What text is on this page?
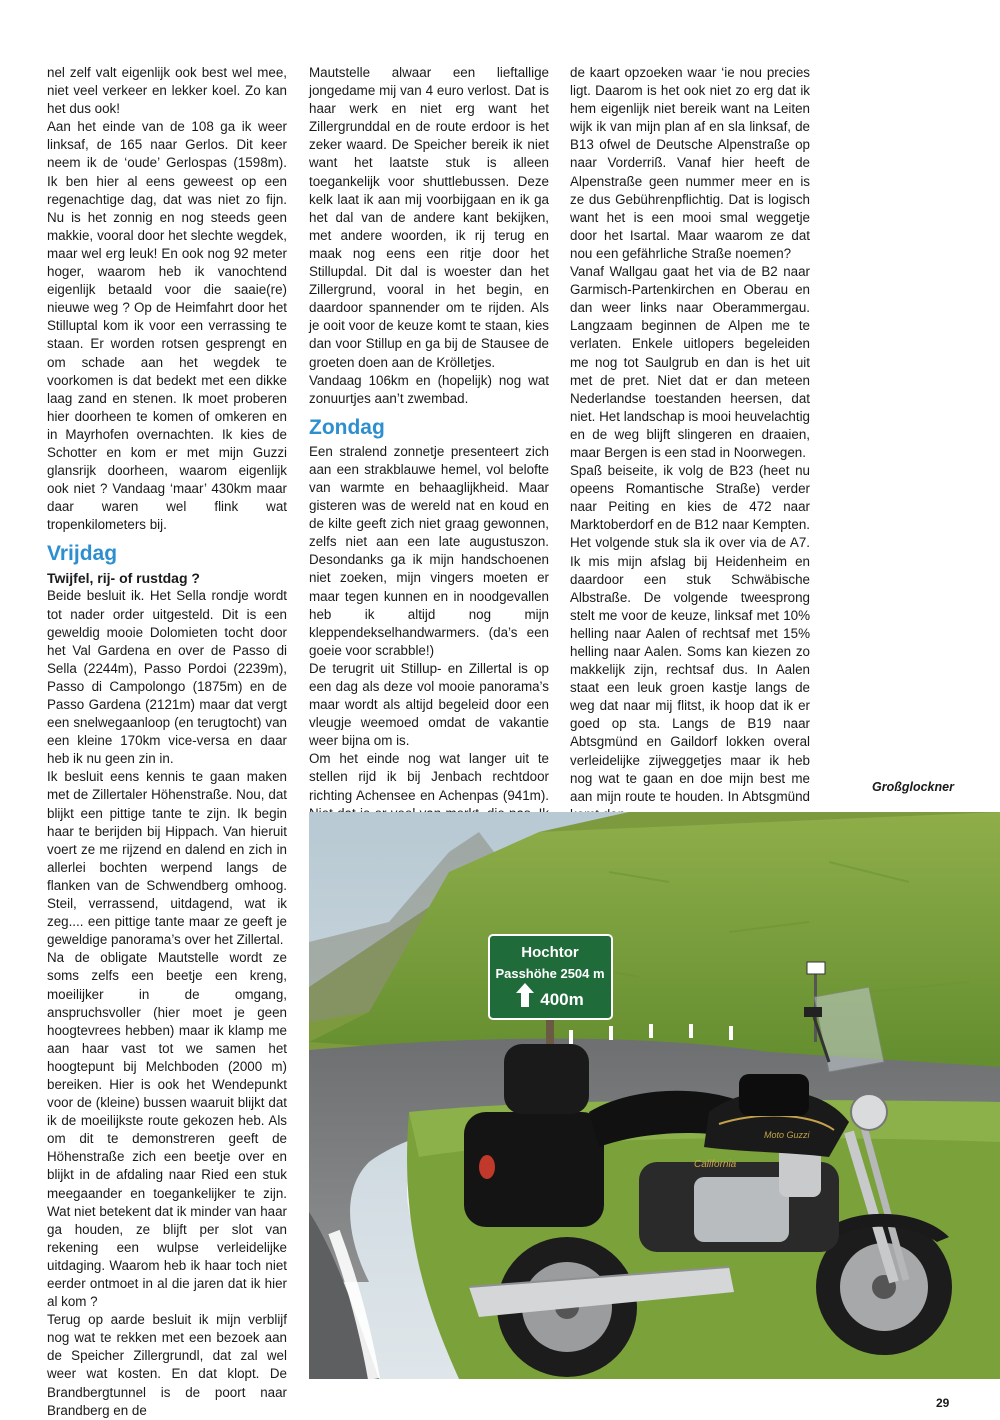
nel zelf valt eigenlijk ook best wel mee, niet veel verkeer en lekker koel. Zo kan het dus ook!

Aan het einde van de 108 ga ik weer linksaf, de 165 naar Gerlos. Dit keer neem ik de ‘oude’ Gerlospas (1598m). Ik ben hier al eens geweest op een regenachtige dag, dat was niet zo fijn. Nu is het zonnig en nog steeds geen makkie, vooral door het slechte wegdek, maar wel erg leuk! En ook nog 92 meter hoger, waarom heb ik vanochtend eigenlijk betaald voor die saaie(re) nieuwe weg ? Op de Heimfahrt door het Stilluptal kom ik voor een verrassing te staan. Er worden rotsen gesprengt en om schade aan het wegdek te voorkomen is dat bedekt met een dikke laag zand en stenen. Ik moet proberen hier doorheen te komen of omkeren en in Mayrhofen overnachten. Ik kies de Schotter en kom er met mijn Guzzi glansrijk doorheen, waarom eigenlijk ook niet ? Vandaag ‘maar’ 430km maar daar waren wel flink wat tropenkilometers bij.

Vrijdag

Twijfel, rij- of rustdag ?

Beide besluit ik. Het Sella rondje wordt tot nader order uitgesteld. Dit is een geweldig mooie Dolomieten tocht door het Val Gardena en over de Passo di Sella (2244m), Passo Pordoi (2239m), Passo di Campolongo (1875m) en de Passo Gardena (2121m) maar dat vergt een snelwegaanloop (en terugtocht) van een kleine 170km vice-versa en daar heb ik nu geen zin in.

Ik besluit eens kennis te gaan maken met de Zillertaler Höhenstraße. Nou, dat blijkt een pittige tante te zijn. Ik begin haar te berijden bij Hippach. Van hieruit voert ze me rijzend en dalend en zich in allerlei bochten werpend langs de flanken van de Schwendberg omhoog. Steil, verrassend, uitdagend, wat ik zeg.... een pittige tante maar ze geeft je geweldige panorama’s over het Zillertal.

Na de obligate Mautstelle wordt ze soms zelfs een beetje een kreng, moeilijker in de omgang, anspruchsvoller (hier moet je geen hoogtevrees hebben) maar ik klamp me aan haar vast tot we samen het hoogtepunt bij Melchboden (2000 m) bereiken. Hier is ook het Wendepunkt voor de (kleine) bussen waaruit blijkt dat ik de moeilijkste route gekozen heb. Als om dit te demonstreren geeft de Höhenstraße zich een beetje over en blijkt in de afdaling naar Ried een stuk meegaander en toegankelijker te zijn. Wat niet betekent dat ik minder van haar ga houden, ze blijft per slot van rekening een wulpse verleidelijke uitdaging. Waarom heb ik haar toch niet eerder ontmoet in al die jaren dat ik hier al kom ?

Terug op aarde besluit ik mijn verblijf nog wat te rekken met een bezoek aan de Speicher Zillergrundl, dat zal wel weer wat kosten. En dat klopt. De Brandbergtunnel is de poort naar Brandberg en de

Mautstelle alwaar een lieftallige jongedame mij van 4 euro verlost. Dat is haar werk en niet erg want het Zillergrunddal en de route erdoor is het zeker waard. De Speicher bereik ik niet want het laatste stuk is alleen toegankelijk voor shuttlebussen. Deze kelk laat ik aan mij voorbijgaan en ik ga het dal van de andere kant bekijken, met andere woorden, ik rij terug en maak nog eens een ritje door het Stillupdal. Dit dal is woester dan het Zillergrund, vooral in het begin, en daardoor spannender om te rijden. Als je ooit voor de keuze komt te staan, kies dan voor Stillup en ga bij de Stausee de groeten doen aan de Krölletjes.

Vandaag 106km en (hopelijk) nog wat zonuurtjes aan’t zwembad.

Zondag

Een stralend zonnetje presenteert zich aan een strakblauwe hemel, vol belofte van warmte en behaaglijkheid. Maar gisteren was de wereld nat en koud en de kilte geeft zich niet graag gewonnen, zelfs niet aan een late augustuszon. Desondanks ga ik mijn handschoenen niet zoeken, mijn vingers moeten er maar tegen kunnen en in noodgevallen heb ik altijd nog mijn kleppendekselhandwarmers. (da’s een goeie voor scrabble!)

De terugrit uit Stillup- en Zillertal is op een dag als deze vol mooie panorama’s maar wordt als altijd begeleid door een vleugje weemoed omdat de vakantie weer bijna om is.

Om het einde nog wat langer uit te stellen rijd ik bij Jenbach rechtdoor richting Achensee en Achenpas (941m).

de kaart opzoeken waar ‘ie nou precies ligt. Daarom is het ook niet zo erg dat ik hem eigenlijk niet bereik want na Leiten wijk ik van mijn plan af en sla linksaf, de B13 ofwel de Deutsche Alpenstraße op naar Vorderriß. Vanaf hier heeft de Alpenstraße geen nummer meer en is ze dus Gebührenpflichtig. Dat is logisch want het is een mooi smal weggetje door het Isartal. Maar waarom ze dat nou een gefährliche Straße noemen?

Vanaf Wallgau gaat het via de B2 naar Garmisch-Partenkirchen en Oberau en dan weer links naar Oberammergau. Langzaam beginnen de Alpen me te verlaten. Enkele uitlopers begeleiden me nog tot Saulgrub en dan is het uit met de pret. Niet dat er dan meteen Nederlandse toestanden heersen, dat niet. Het landschap is mooi heuvelachtig en de weg blijft slingeren en draaien, maar Bergen is een stad in Noorwegen.

Spaß beiseite, ik volg de B23 (heet nu opeens Romantische Straße) verder naar Peiting en kies de 472 naar Marktoberdorf en de B12 naar Kempten. Het volgende stuk sla ik over via de A7. Ik mis mijn afslag bij Heidenheim en daardoor een stuk Schwäbische Albstraße. De volgende tweesprong stelt me voor de keuze, linksaf met 10% helling naar Aalen of rechtsaf met 15% helling naar Aalen. Soms kan kiezen zo makkelijk zijn, rechtsaf dus. In Aalen staat een leuk groen kastje langs de weg dat naar mij flitst, ik hoop dat ik er goed op sta. Langs de B19 naar Abtsgmünd en Gaildorf lokken overal verleidelijke zijweggetjes maar ik heb nog wat te gaan en doe mijn best me aan mijn route te houden. In Abtsgmünd

Großglockner
Hochtor
Passhöhe 2504 m
400m
Moto Guzzi
California
29
